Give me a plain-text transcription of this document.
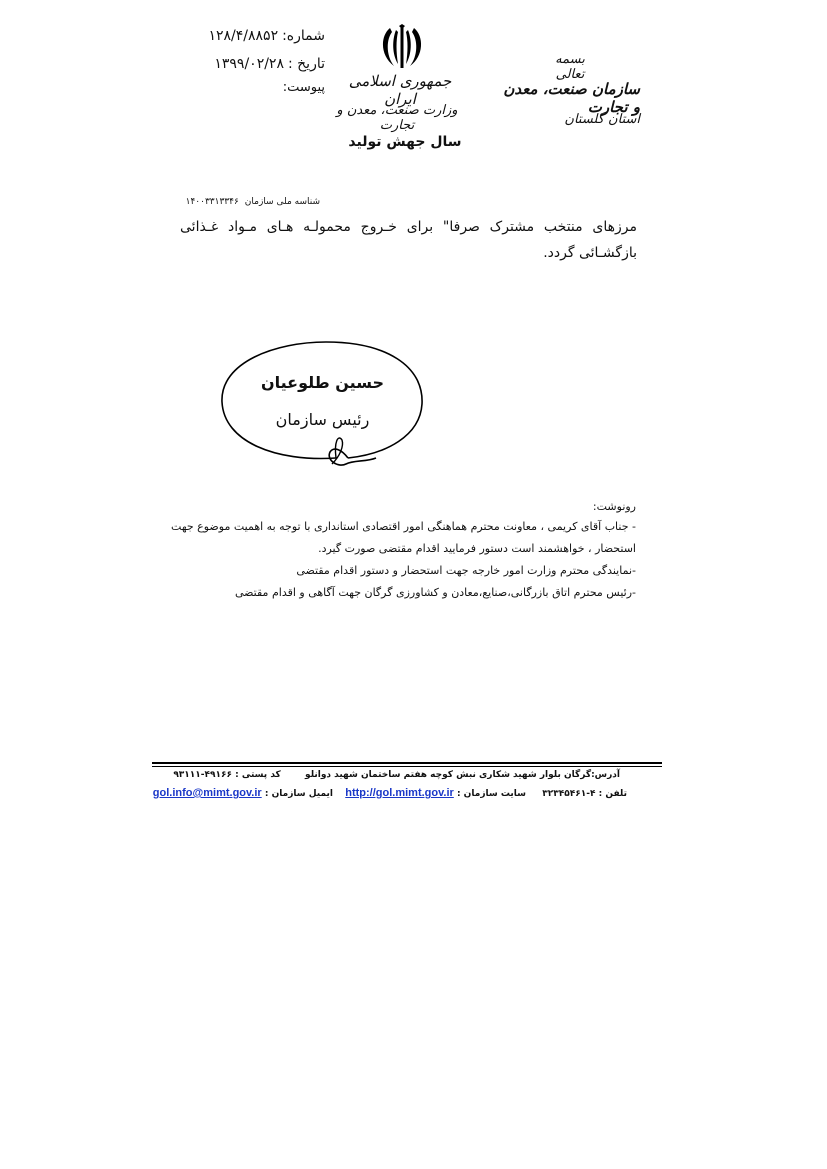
شماره:۱۲۸/۴/۸۸۵۲
تاریخ :۱۳۹۹/۰۲/۲۸
پیوست:	جمهوری اسلامی ایران
وزارت صنعت، معدن و تجارت
سال جهش تولید
بسمه تعالی
سازمان صنعت، معدن و تجارت
استان گلستان
شناسه ملی سازمان۱۴۰۰۳۳۱۳۳۴۶
مرزهای منتخب مشترک صرفا" برای خـروج محمولـه هـای مـواد غـذائی بازگشـائی گردد.
حسین طلوعیان
رئیس سازمان
رونوشت:
- جناب آقای کریمی ، معاونت محترم هماهنگی امور اقتصادی استانداری با توجه به اهمیت موضوع جهت
استحضار ، خواهشمند است دستور فرمایید اقدام مقتضی صورت گیرد.
-نمایندگی محترم وزارت امور خارجه جهت استحضار و دستور اقدام مقتضی
-رئیس محترم اتاق بازرگانی،صنایع،معادن و کشاورزی گرگان جهت آگاهی و اقدام مقتضی
آدرس:گرگان بلوار شهید شکاری نبش کوچه هفتم ساختمان شهید دوانلو  کد پستی : ۴۹۱۶۶-۹۳۱۱۱
تلفن : ۴-۳۲۳۴۵۴۶۱  سایت سازمان : http://gol.mimt.gov.ir  ایمیل سازمان : gol.info@mimt.gov.ir
